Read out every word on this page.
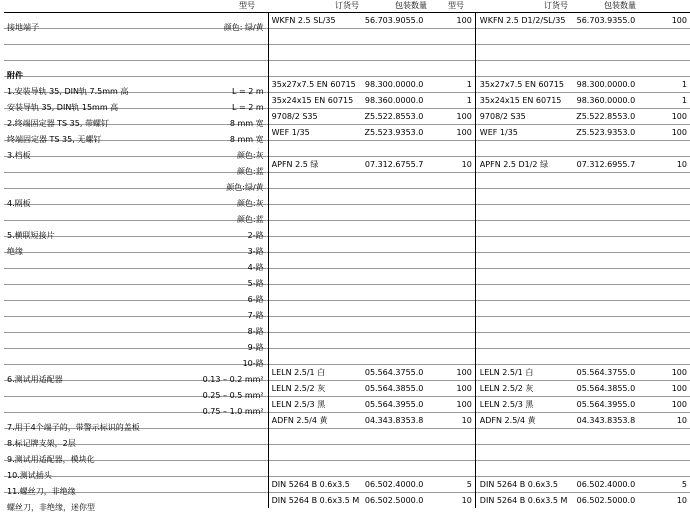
型号	订货号	包装数量	型号	订货号	包装数量
接地端子 颜色: 绿/黄	WKFN 2.5 SL/35	56.703.9055.0	100	WKFN 2.5 D1/2/SL/35	56.703.9355.0	100

附件						

1.安装导轨 35, DIN轨 7.5mm 高 L = 2 m	35x27x7.5 EN 60715	98.300.0000.0	1	35x27x7.5 EN 60715	98.300.0000.0	1

安装导轨 35, DIN轨 15mm 高 L = 2 m	35x24x15 EN 60715	98.360.0000.0	1	35x24x15 EN 60715	98.360.0000.0	1

2.终端固定器 TS 35, 带螺钉 8 mm 宽	9708/2 S35	Z5.522.8553.0	100	9708/2 S35	Z5.522.8553.0	100

终端固定器 TS 35, 无螺钉 8 mm 宽	WEF 1/35	Z5.523.9353.0	100	WEF 1/35	Z5.523.9353.0	100

3.档板 颜色:灰						

颜色:蓝	APFN 2.5 绿	07.312.6755.7	10	APFN 2.5 D1/2 绿	07.312.6955.7	10

颜色:绿/黄						

4.隔板 颜色:灰						

颜色:蓝						

5.横联短接片 2-路						

绝缘 3-路						

4-路						

5-路						

6-路						

7-路						

8-路						

9-路						

10-路						

6.测试用适配器 0.13 – 0.2 mm²	LELN 2.5/1 白	05.564.3755.0	100	LELN 2.5/1 白	05.564.3755.0	100

0.25 – 0.5 mm²	LELN 2.5/2 灰	05.564.3855.0	100	LELN 2.5/2 灰	05.564.3855.0	100

0.75 – 1.0 mm²	LELN 2.5/3 黑	05.564.3955.0	100	LELN 2.5/3 黑	05.564.3955.0	100

7.用于4个端子的，带警示标识的盖板	ADFN 2.5/4 黄	04.343.8353.8	10	ADFN 2.5/4 黄	04.343.8353.8	10

8.标记牌支架，2层						

9.测试用适配器，模块化						

10.测试插头						

11.螺丝刀，非绝缘	DIN 5264 B 0.6x3.5	06.502.4000.0	5	DIN 5264 B 0.6x3.5	06.502.4000.0	5

螺丝刀，非绝缘，迷你型	DIN 5264 B 0.6x3.5 M	06.502.5000.0	10	DIN 5264 B 0.6x3.5 M	06.502.5000.0	10
